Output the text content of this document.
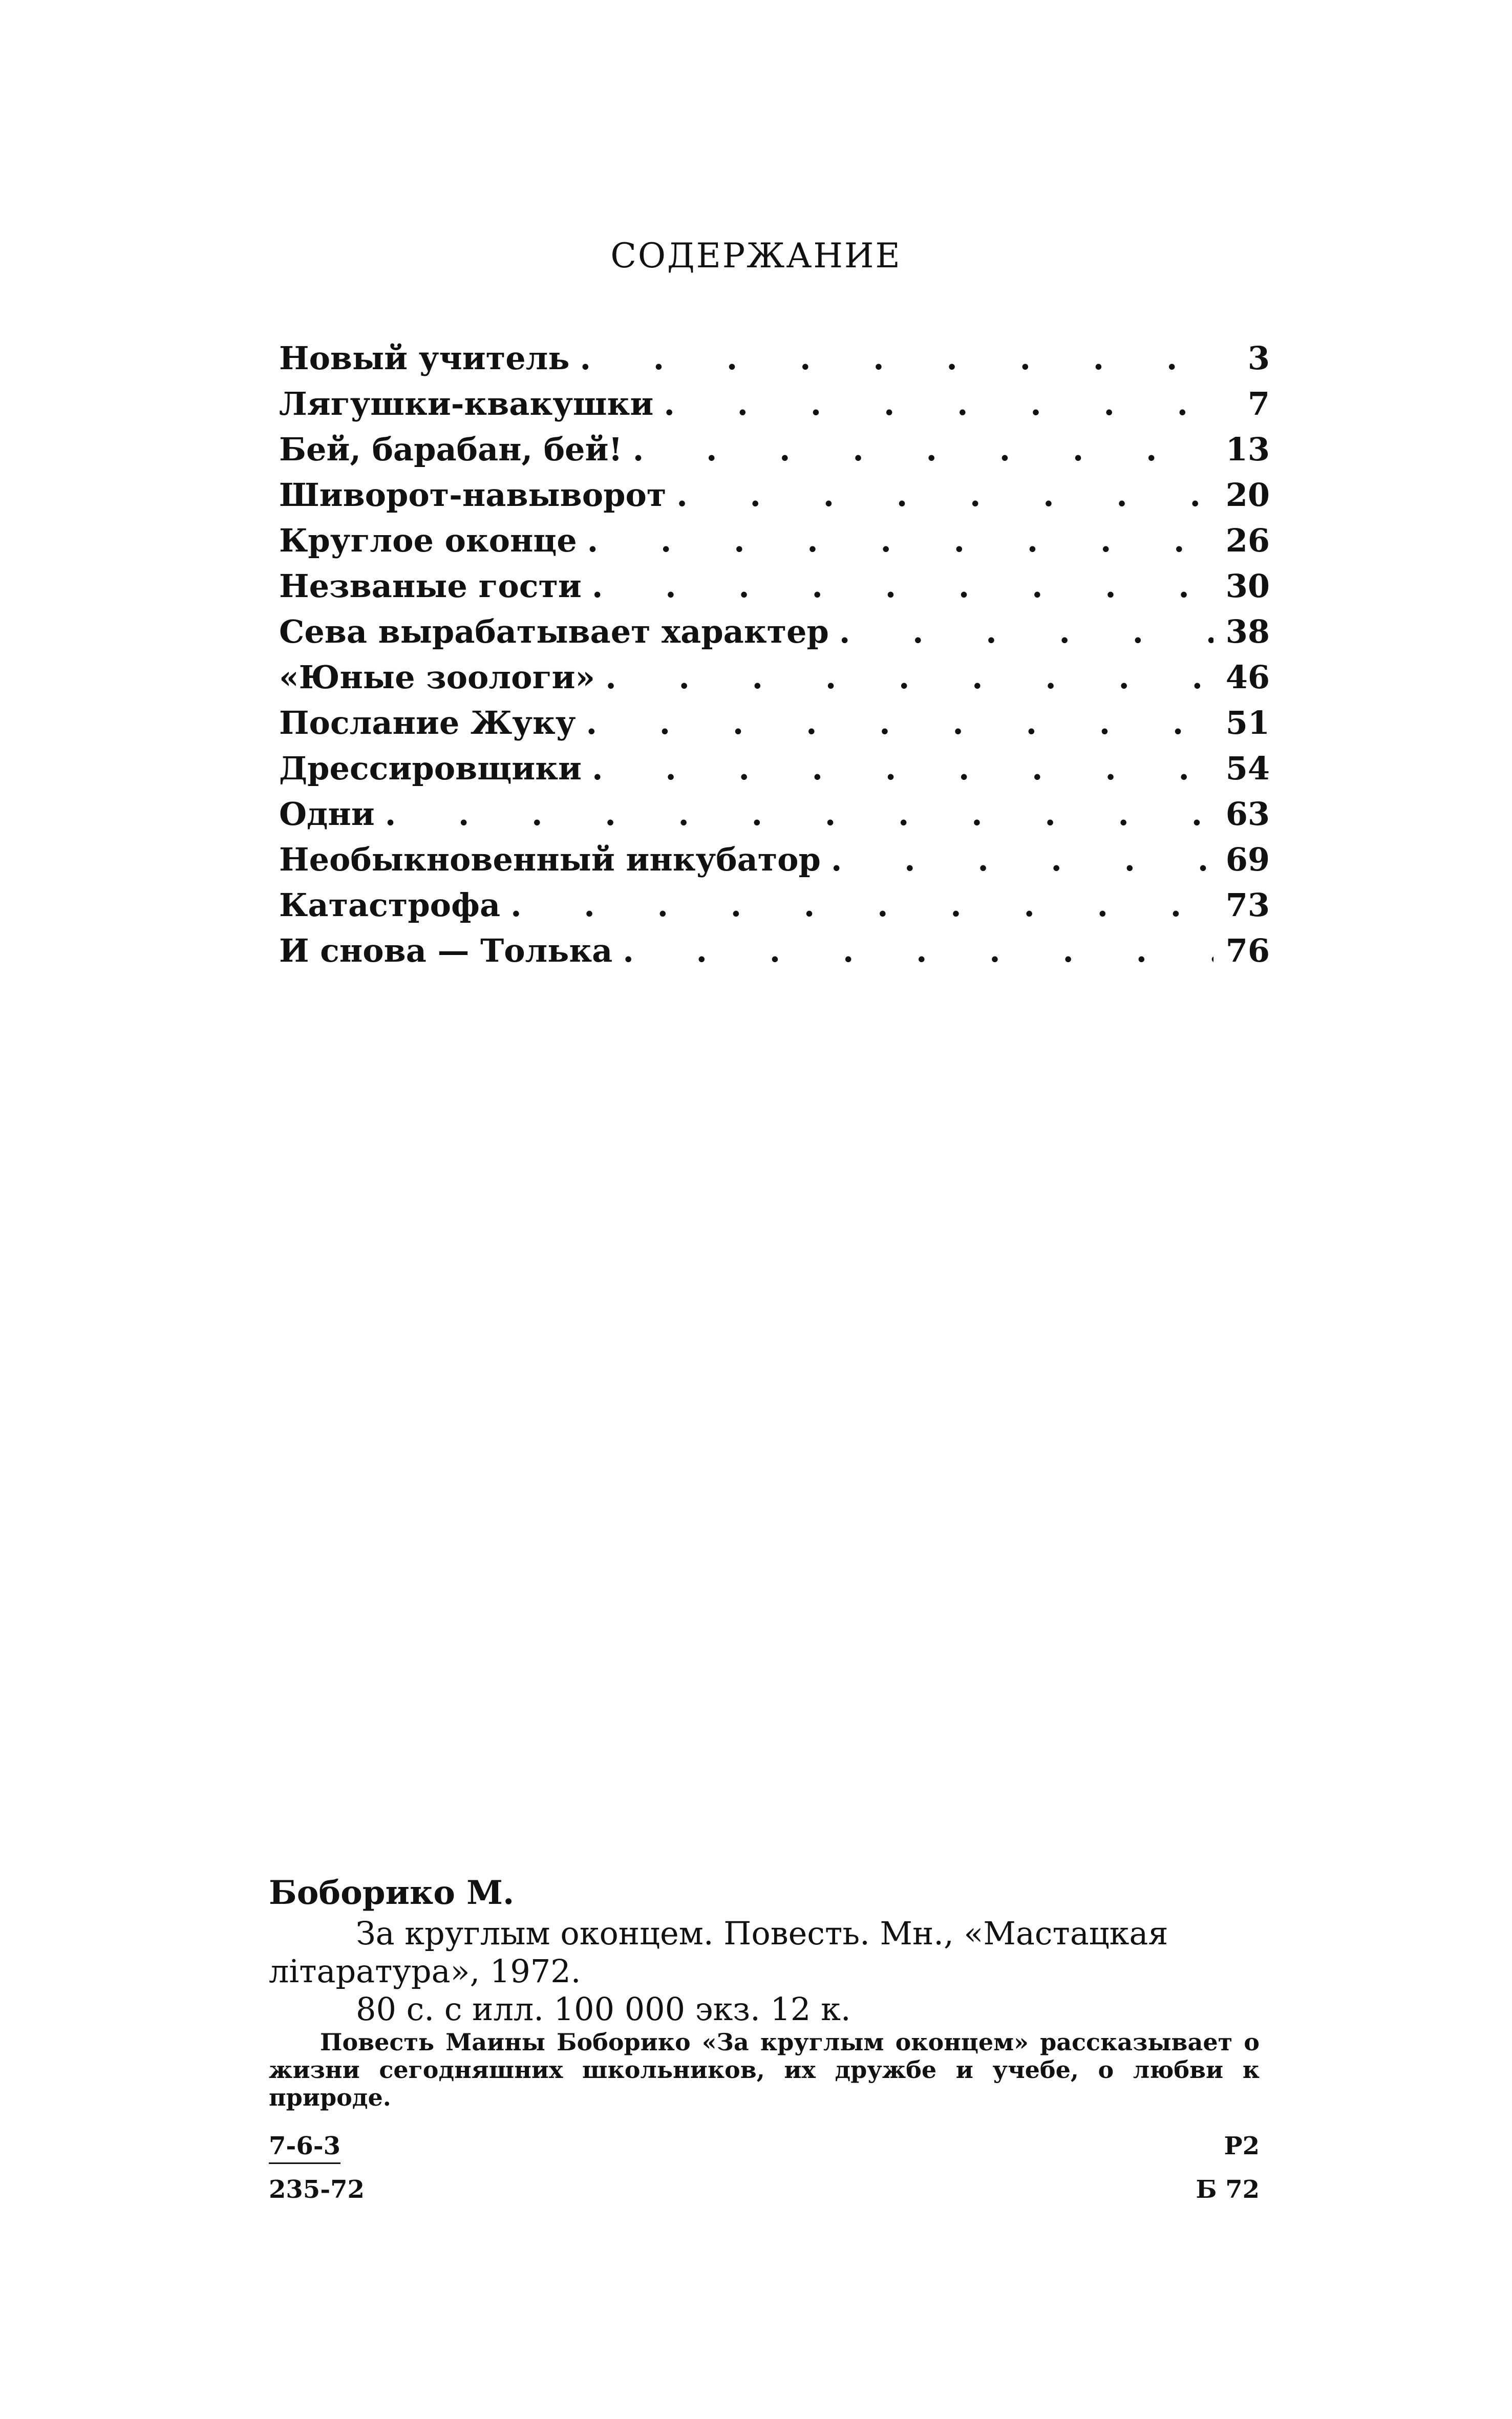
СОДЕРЖАНИЕ
Новый учитель . . .	3
Лягушки-квакушки . . .	7
Бей, барабан, бей! . . .	13
Шиворот-навыворот . . .	20
Круглое оконце . . .	26
Незваные гости . . .	30
Сева вырабатывает характер . . .	38
«Юные зоологи» . . .	46
Послание Жуку . . .	51
Дрессировщики . . .	54
Одни . . .	63
Необыкновенный инкубатор . . .	69
Катастрофа . . .	73
И снова — Толька . . .	76
Боборико М.
За круглым оконцем. Повесть. Мн., «Мастацкая
літаратура», 1972.
80 с. с илл. 100 000 экз. 12 к.
Повесть Маины Боборико «За круглым оконцем» рассказывает о жизни сегодняшних школьников, их дружбе и учебе, о любви к природе.
7-6-3
235-72
Р2
Б 72
